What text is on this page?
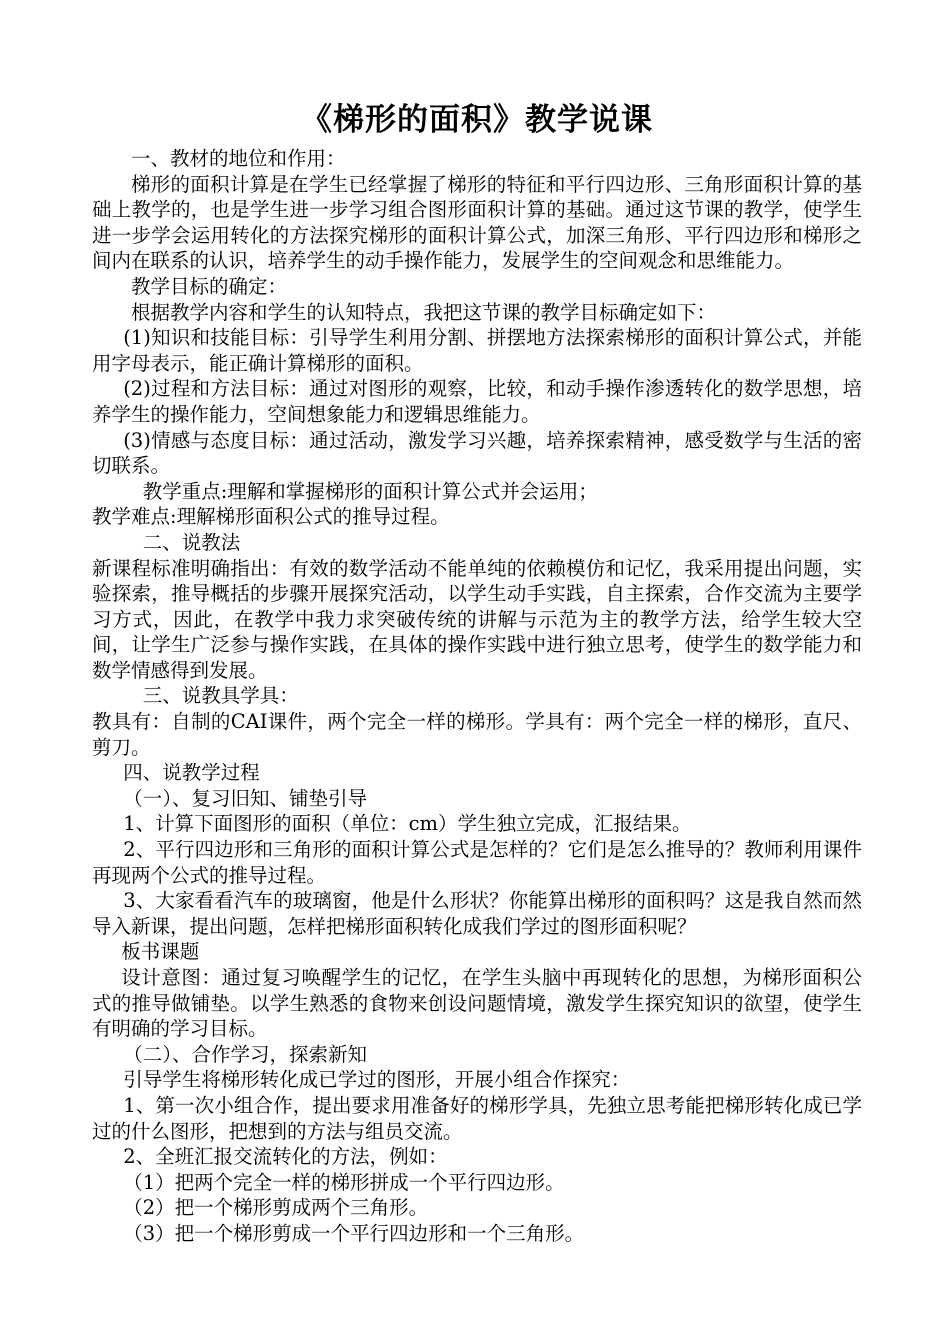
《梯形的面积》教学说课

一、教材的地位和作用：

梯形的面积计算是在学生已经掌握了梯形的特征和平行四边形、三角形面积计算的基础上教学的，也是学生进一步学习组合图形面积计算的基础。通过这节课的教学，使学生进一步学会运用转化的方法探究梯形的面积计算公式，加深三角形、平行四边形和梯形之间内在联系的认识，培养学生的动手操作能力，发展学生的空间观念和思维能力。

教学目标的确定：

根据教学内容和学生的认知特点，我把这节课的教学目标确定如下：

(1)知识和技能目标：引导学生利用分割、拼摆地方法探索梯形的面积计算公式，并能用字母表示，能正确计算梯形的面积。

(2)过程和方法目标：通过对图形的观察，比较，和动手操作渗透转化的数学思想，培养学生的操作能力，空间想象能力和逻辑思维能力。

(3)情感与态度目标：通过活动，激发学习兴趣，培养探索精神，感受数学与生活的密切联系。

教学重点:理解和掌握梯形的面积计算公式并会运用；

教学难点:理解梯形面积公式的推导过程。

二、说教法

新课程标准明确指出：有效的数学活动不能单纯的依赖模仿和记忆，我采用提出问题，实验探索，推导概括的步骤开展探究活动，以学生动手实践，自主探索，合作交流为主要学习方式，因此，在教学中我力求突破传统的讲解与示范为主的教学方法，给学生较大空间，让学生广泛参与操作实践，在具体的操作实践中进行独立思考，使学生的数学能力和数学情感得到发展。

三、说教具学具：

教具有：自制的CAI课件，两个完全一样的梯形。学具有：两个完全一样的梯形，直尺、剪刀。

四、说教学过程

（一）、复习旧知、铺垫引导

1、计算下面图形的面积（单位：cm）学生独立完成，汇报结果。

2、平行四边形和三角形的面积计算公式是怎样的？它们是怎么推导的？教师利用课件再现两个公式的推导过程。

3、大家看看汽车的玻璃窗，他是什么形状？你能算出梯形的面积吗？这是我自然而然导入新课，提出问题，怎样把梯形面积转化成我们学过的图形面积呢？

板书课题

设计意图：通过复习唤醒学生的记忆，在学生头脑中再现转化的思想，为梯形面积公式的推导做铺垫。以学生熟悉的食物来创设问题情境，激发学生探究知识的欲望，使学生有明确的学习目标。

（二）、合作学习，探索新知

引导学生将梯形转化成已学过的图形，开展小组合作探究：

1、第一次小组合作，提出要求用准备好的梯形学具，先独立思考能把梯形转化成已学过的什么图形，把想到的方法与组员交流。

2、全班汇报交流转化的方法，例如：

（1）把两个完全一样的梯形拼成一个平行四边形。

（2）把一个梯形剪成两个三角形。

（3）把一个梯形剪成一个平行四边形和一个三角形。
